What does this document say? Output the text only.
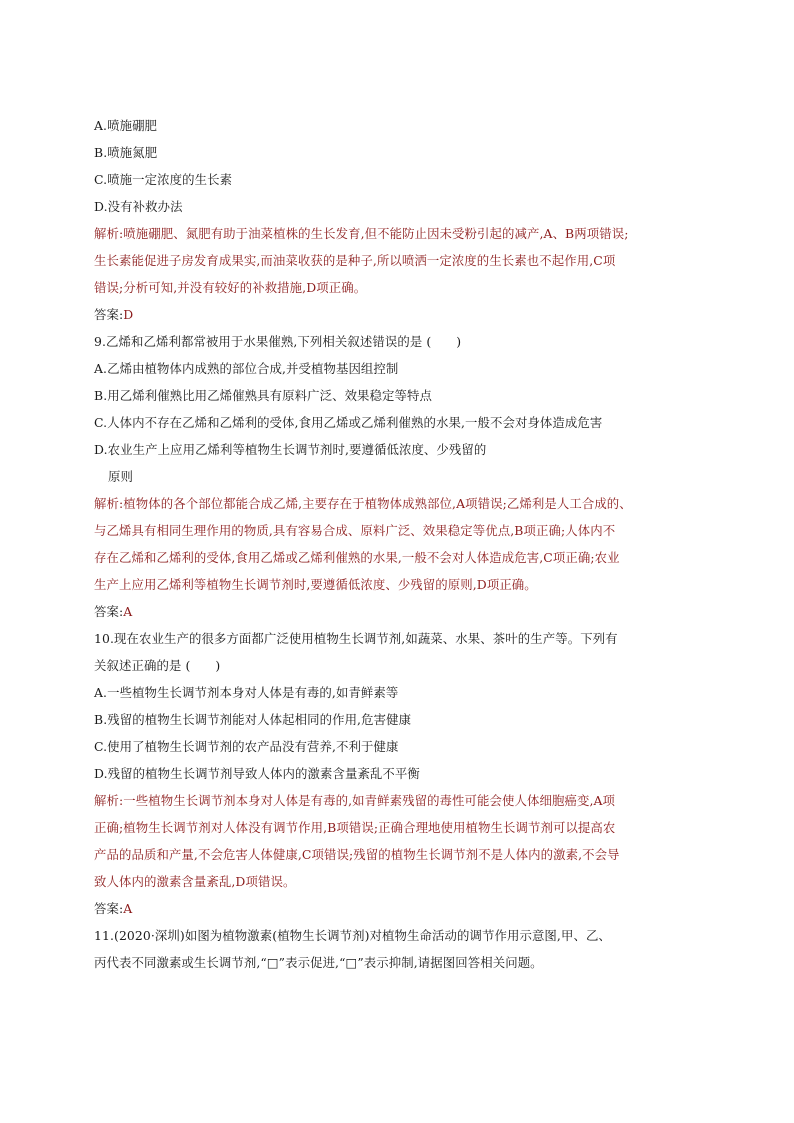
A.喷施硼肥
B.喷施氮肥
C.喷施一定浓度的生长素
D.没有补救办法
解析:喷施硼肥、氮肥有助于油菜植株的生长发育,但不能防止因未受粉引起的减产,A、B两项错误;
生长素能促进子房发育成果实,而油菜收获的是种子,所以喷洒一定浓度的生长素也不起作用,C项
错误;分析可知,并没有较好的补救措施,D项正确。
答案:D
9.乙烯和乙烯利都常被用于水果催熟,下列相关叙述错误的是 (　　)
A.乙烯由植物体内成熟的部位合成,并受植物基因组控制
B.用乙烯利催熟比用乙烯催熟具有原料广泛、效果稳定等特点
C.人体内不存在乙烯和乙烯利的受体,食用乙烯或乙烯利催熟的水果,一般不会对身体造成危害
D.农业生产上应用乙烯利等植物生长调节剂时,要遵循低浓度、少残留的
原则
解析:植物体的各个部位都能合成乙烯,主要存在于植物体成熟部位,A项错误;乙烯利是人工合成的、
与乙烯具有相同生理作用的物质,具有容易合成、原料广泛、效果稳定等优点,B项正确;人体内不
存在乙烯和乙烯利的受体,食用乙烯或乙烯利催熟的水果,一般不会对人体造成危害,C项正确;农业
生产上应用乙烯利等植物生长调节剂时,要遵循低浓度、少残留的原则,D项正确。
答案:A
10.现在农业生产的很多方面都广泛使用植物生长调节剂,如蔬菜、水果、茶叶的生产等。下列有
关叙述正确的是 (　　)
A.一些植物生长调节剂本身对人体是有毒的,如青鲜素等
B.残留的植物生长调节剂能对人体起相同的作用,危害健康
C.使用了植物生长调节剂的农产品没有营养,不利于健康
D.残留的植物生长调节剂导致人体内的激素含量紊乱不平衡
解析:一些植物生长调节剂本身对人体是有毒的,如青鲜素残留的毒性可能会使人体细胞癌变,A项
正确;植物生长调节剂对人体没有调节作用,B项错误;正确合理地使用植物生长调节剂可以提高农
产品的品质和产量,不会危害人体健康,C项错误;残留的植物生长调节剂不是人体内的激素,不会导
致人体内的激素含量紊乱,D项错误。
答案:A
11.(2020·深圳)如图为植物激素(植物生长调节剂)对植物生命活动的调节作用示意图,甲、乙、
丙代表不同激素或生长调节剂,“□”表示促进,“□”表示抑制,请据图回答相关问题。
